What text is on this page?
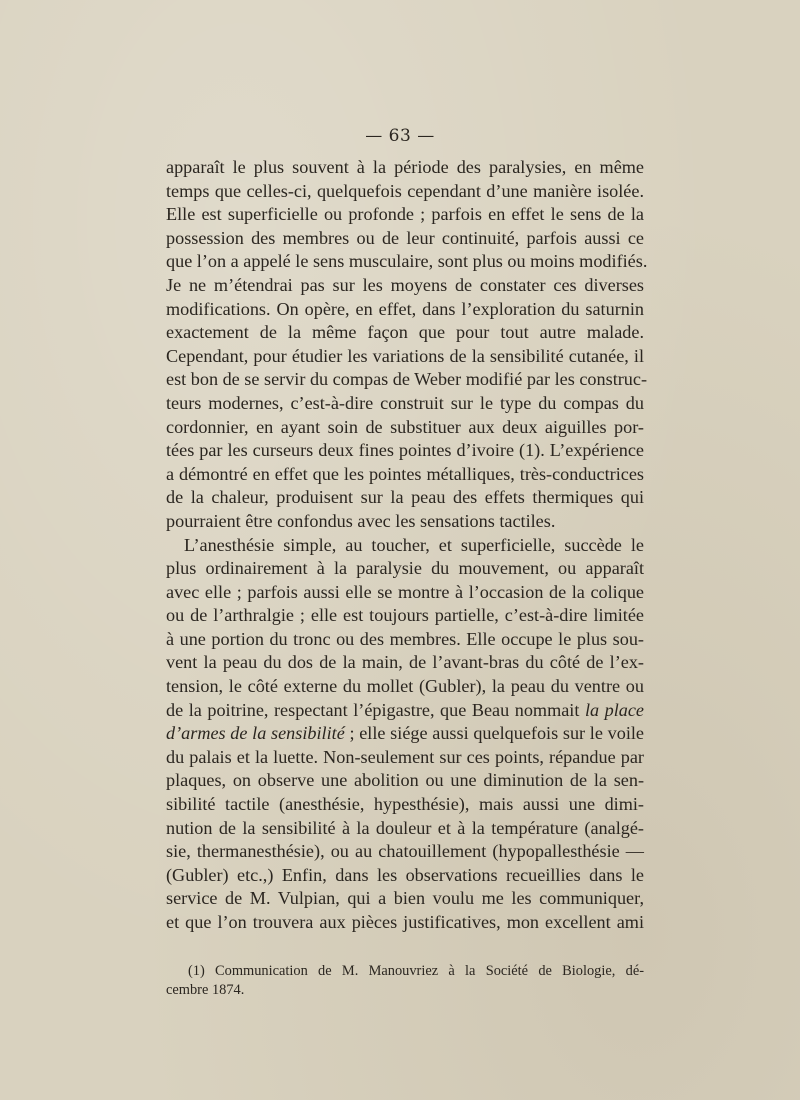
— 63 —
apparaît le plus souvent à la période des paralysies, en même
temps que celles-ci, quelquefois cependant d’une manière isolée.
Elle est superficielle ou profonde ; parfois en effet le sens de la
possession des membres ou de leur continuité, parfois aussi ce
que l’on a appelé le sens musculaire, sont plus ou moins modifiés.
Je ne m’étendrai pas sur les moyens de constater ces diverses
modifications. On opère, en effet, dans l’exploration du saturnin
exactement de la même façon que pour tout autre malade.
Cependant, pour étudier les variations de la sensibilité cutanée, il
est bon de se servir du compas de Weber modifié par les construc-
teurs modernes, c’est-à-dire construit sur le type du compas du
cordonnier, en ayant soin de substituer aux deux aiguilles por-
tées par les curseurs deux fines pointes d’ivoire (1). L’expérience
a démontré en effet que les pointes métalliques, très-conductrices
de la chaleur, produisent sur la peau des effets thermiques qui
pourraient être confondus avec les sensations tactiles.
L’anesthésie simple, au toucher, et superficielle, succède le
plus ordinairement à la paralysie du mouvement, ou apparaît
avec elle ; parfois aussi elle se montre à l’occasion de la colique
ou de l’arthralgie ; elle est toujours partielle, c’est-à-dire limitée
à une portion du tronc ou des membres. Elle occupe le plus sou-
vent la peau du dos de la main, de l’avant-bras du côté de l’ex-
tension, le côté externe du mollet (Gubler), la peau du ventre ou
de la poitrine, respectant l’épigastre, que Beau nommait la place
d’armes de la sensibilité ; elle siége aussi quelquefois sur le voile
du palais et la luette. Non-seulement sur ces points, répandue par
plaques, on observe une abolition ou une diminution de la sen-
sibilité tactile (anesthésie, hypesthésie), mais aussi une dimi-
nution de la sensibilité à la douleur et à la température (analgé-
sie, thermanesthésie), ou au chatouillement (hypopallesthésie —
(Gubler) etc.,) Enfin, dans les observations recueillies dans le
service de M. Vulpian, qui a bien voulu me les communiquer,
et que l’on trouvera aux pièces justificatives, mon excellent ami
(1) Communication de M. Manouvriez à la Société de Biologie, dé-
cembre 1874.
